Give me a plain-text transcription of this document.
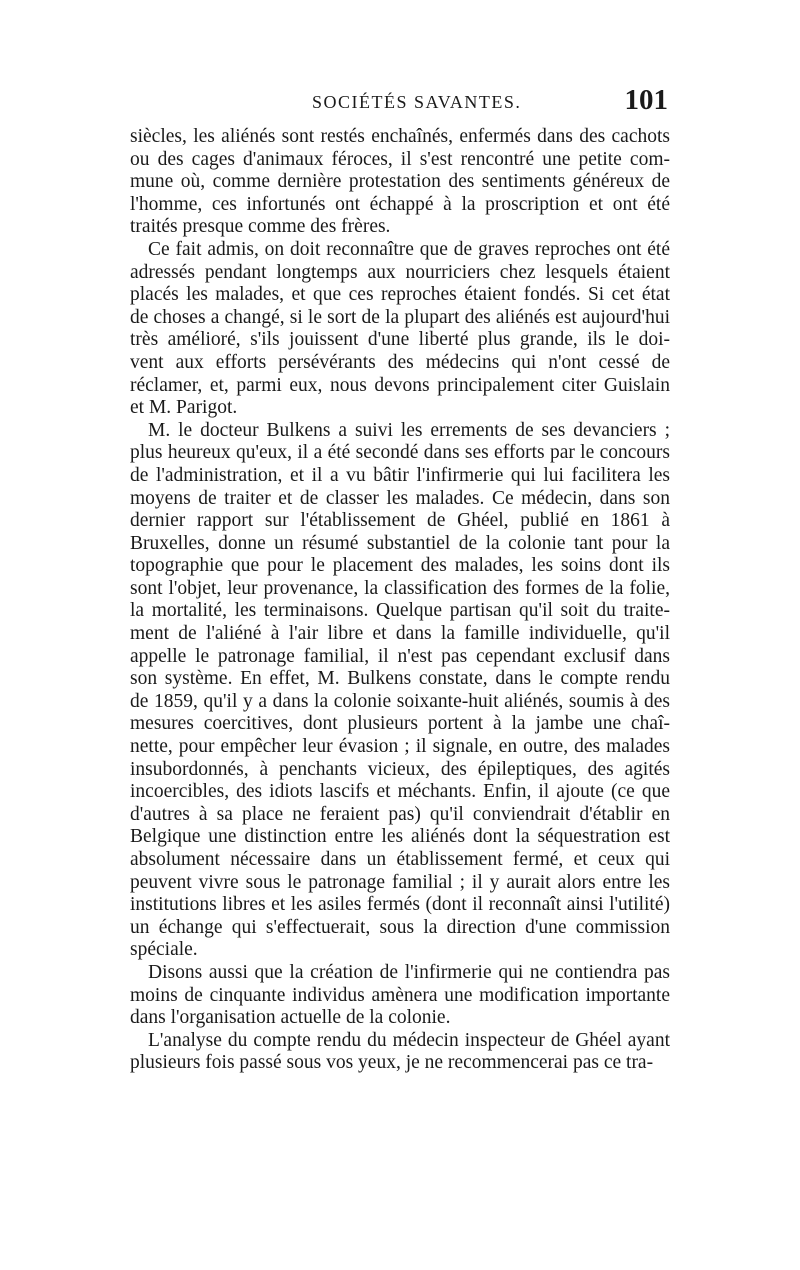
SOCIÉTÉS SAVANTES.	101
siècles, les aliénés sont restés enchaînés, enfermés dans des cachots
ou des cages d'animaux féroces, il s'est rencontré une petite com-
mune où, comme dernière protestation des sentiments généreux de
l'homme, ces infortunés ont échappé à la proscription et ont été
traités presque comme des frères.
Ce fait admis, on doit reconnaître que de graves reproches ont été
adressés pendant longtemps aux nourriciers chez lesquels étaient
placés les malades, et que ces reproches étaient fondés. Si cet état
de choses a changé, si le sort de la plupart des aliénés est aujourd'hui
très amélioré, s'ils jouissent d'une liberté plus grande, ils le doi-
vent aux efforts persévérants des médecins qui n'ont cessé de
réclamer, et, parmi eux, nous devons principalement citer Guislain
et M. Parigot.
M. le docteur Bulkens a suivi les errements de ses devanciers ;
plus heureux qu'eux, il a été secondé dans ses efforts par le concours
de l'administration, et il a vu bâtir l'infirmerie qui lui facilitera les
moyens de traiter et de classer les malades. Ce médecin, dans son
dernier rapport sur l'établissement de Ghéel, publié en 1861 à
Bruxelles, donne un résumé substantiel de la colonie tant pour la
topographie que pour le placement des malades, les soins dont ils
sont l'objet, leur provenance, la classification des formes de la folie,
la mortalité, les terminaisons. Quelque partisan qu'il soit du traite-
ment de l'aliéné à l'air libre et dans la famille individuelle, qu'il
appelle le patronage familial, il n'est pas cependant exclusif dans
son système. En effet, M. Bulkens constate, dans le compte rendu
de 1859, qu'il y a dans la colonie soixante-huit aliénés, soumis à des
mesures coercitives, dont plusieurs portent à la jambe une chaî-
nette, pour empêcher leur évasion ; il signale, en outre, des malades
insubordonnés, à penchants vicieux, des épileptiques, des agités
incoercibles, des idiots lascifs et méchants. Enfin, il ajoute (ce que
d'autres à sa place ne feraient pas) qu'il conviendrait d'établir en
Belgique une distinction entre les aliénés dont la séquestration est
absolument nécessaire dans un établissement fermé, et ceux qui
peuvent vivre sous le patronage familial ; il y aurait alors entre les
institutions libres et les asiles fermés (dont il reconnaît ainsi l'utilité)
un échange qui s'effectuerait, sous la direction d'une commission
spéciale.
Disons aussi que la création de l'infirmerie qui ne contiendra pas
moins de cinquante individus amènera une modification importante
dans l'organisation actuelle de la colonie.
L'analyse du compte rendu du médecin inspecteur de Ghéel ayant
plusieurs fois passé sous vos yeux, je ne recommencerai pas ce tra-
